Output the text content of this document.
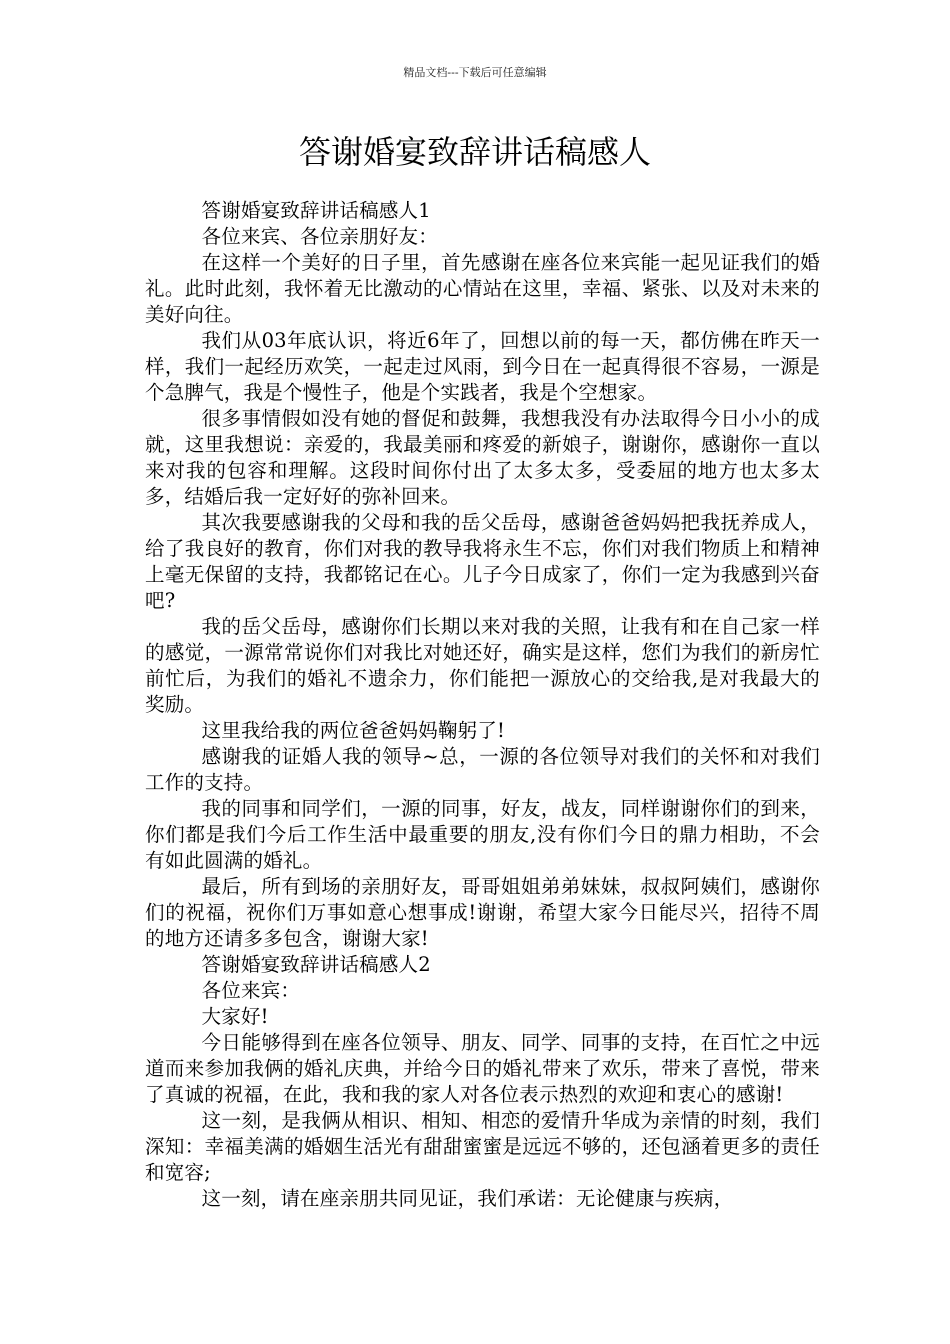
精品文档---下载后可任意编辑
答谢婚宴致辞讲话稿感人

答谢婚宴致辞讲话稿感人1

各位来宾、各位亲朋好友：

在这样一个美好的日子里，首先感谢在座各位来宾能一起见证我们的婚礼。此时此刻，我怀着无比激动的心情站在这里，幸福、紧张、以及对未来的美好向往。

我们从03年底认识，将近6年了，回想以前的每一天，都仿佛在昨天一样，我们一起经历欢笑，一起走过风雨，到今日在一起真得很不容易，一源是个急脾气，我是个慢性子，他是个实践者，我是个空想家。

很多事情假如没有她的督促和鼓舞，我想我没有办法取得今日小小的成就，这里我想说：亲爱的，我最美丽和疼爱的新娘子，谢谢你，感谢你一直以来对我的包容和理解。这段时间你付出了太多太多，受委屈的地方也太多太多，结婚后我一定好好的弥补回来。

其次我要感谢我的父母和我的岳父岳母，感谢爸爸妈妈把我抚养成人，给了我良好的教育，你们对我的教导我将永生不忘，你们对我们物质上和精神上毫无保留的支持，我都铭记在心。儿子今日成家了，你们一定为我感到兴奋吧?

我的岳父岳母，感谢你们长期以来对我的关照，让我有和在自己家一样的感觉，一源常常说你们对我比对她还好，确实是这样，您们为我们的新房忙前忙后，为我们的婚礼不遗余力，你们能把一源放心的交给我,是对我最大的奖励。

这里我给我的两位爸爸妈妈鞠躬了!

感谢我的证婚人我的领导~总，一源的各位领导对我们的关怀和对我们工作的支持。

我的同事和同学们，一源的同事，好友，战友，同样谢谢你们的到来，你们都是我们今后工作生活中最重要的朋友,没有你们今日的鼎力相助，不会有如此圆满的婚礼。

最后，所有到场的亲朋好友，哥哥姐姐弟弟妹妹，叔叔阿姨们，感谢你们的祝福，祝你们万事如意心想事成!谢谢，希望大家今日能尽兴，招待不周的地方还请多多包含，谢谢大家!

答谢婚宴致辞讲话稿感人2

各位来宾：

大家好!

今日能够得到在座各位领导、朋友、同学、同事的支持，在百忙之中远道而来参加我俩的婚礼庆典，并给今日的婚礼带来了欢乐，带来了喜悦，带来了真诚的祝福，在此，我和我的家人对各位表示热烈的欢迎和衷心的感谢!

这一刻，是我俩从相识、相知、相恋的爱情升华成为亲情的时刻，我们深知：幸福美满的婚姻生活光有甜甜蜜蜜是远远不够的，还包涵着更多的责任和宽容;

这一刻，请在座亲朋共同见证，我们承诺：无论健康与疾病，
